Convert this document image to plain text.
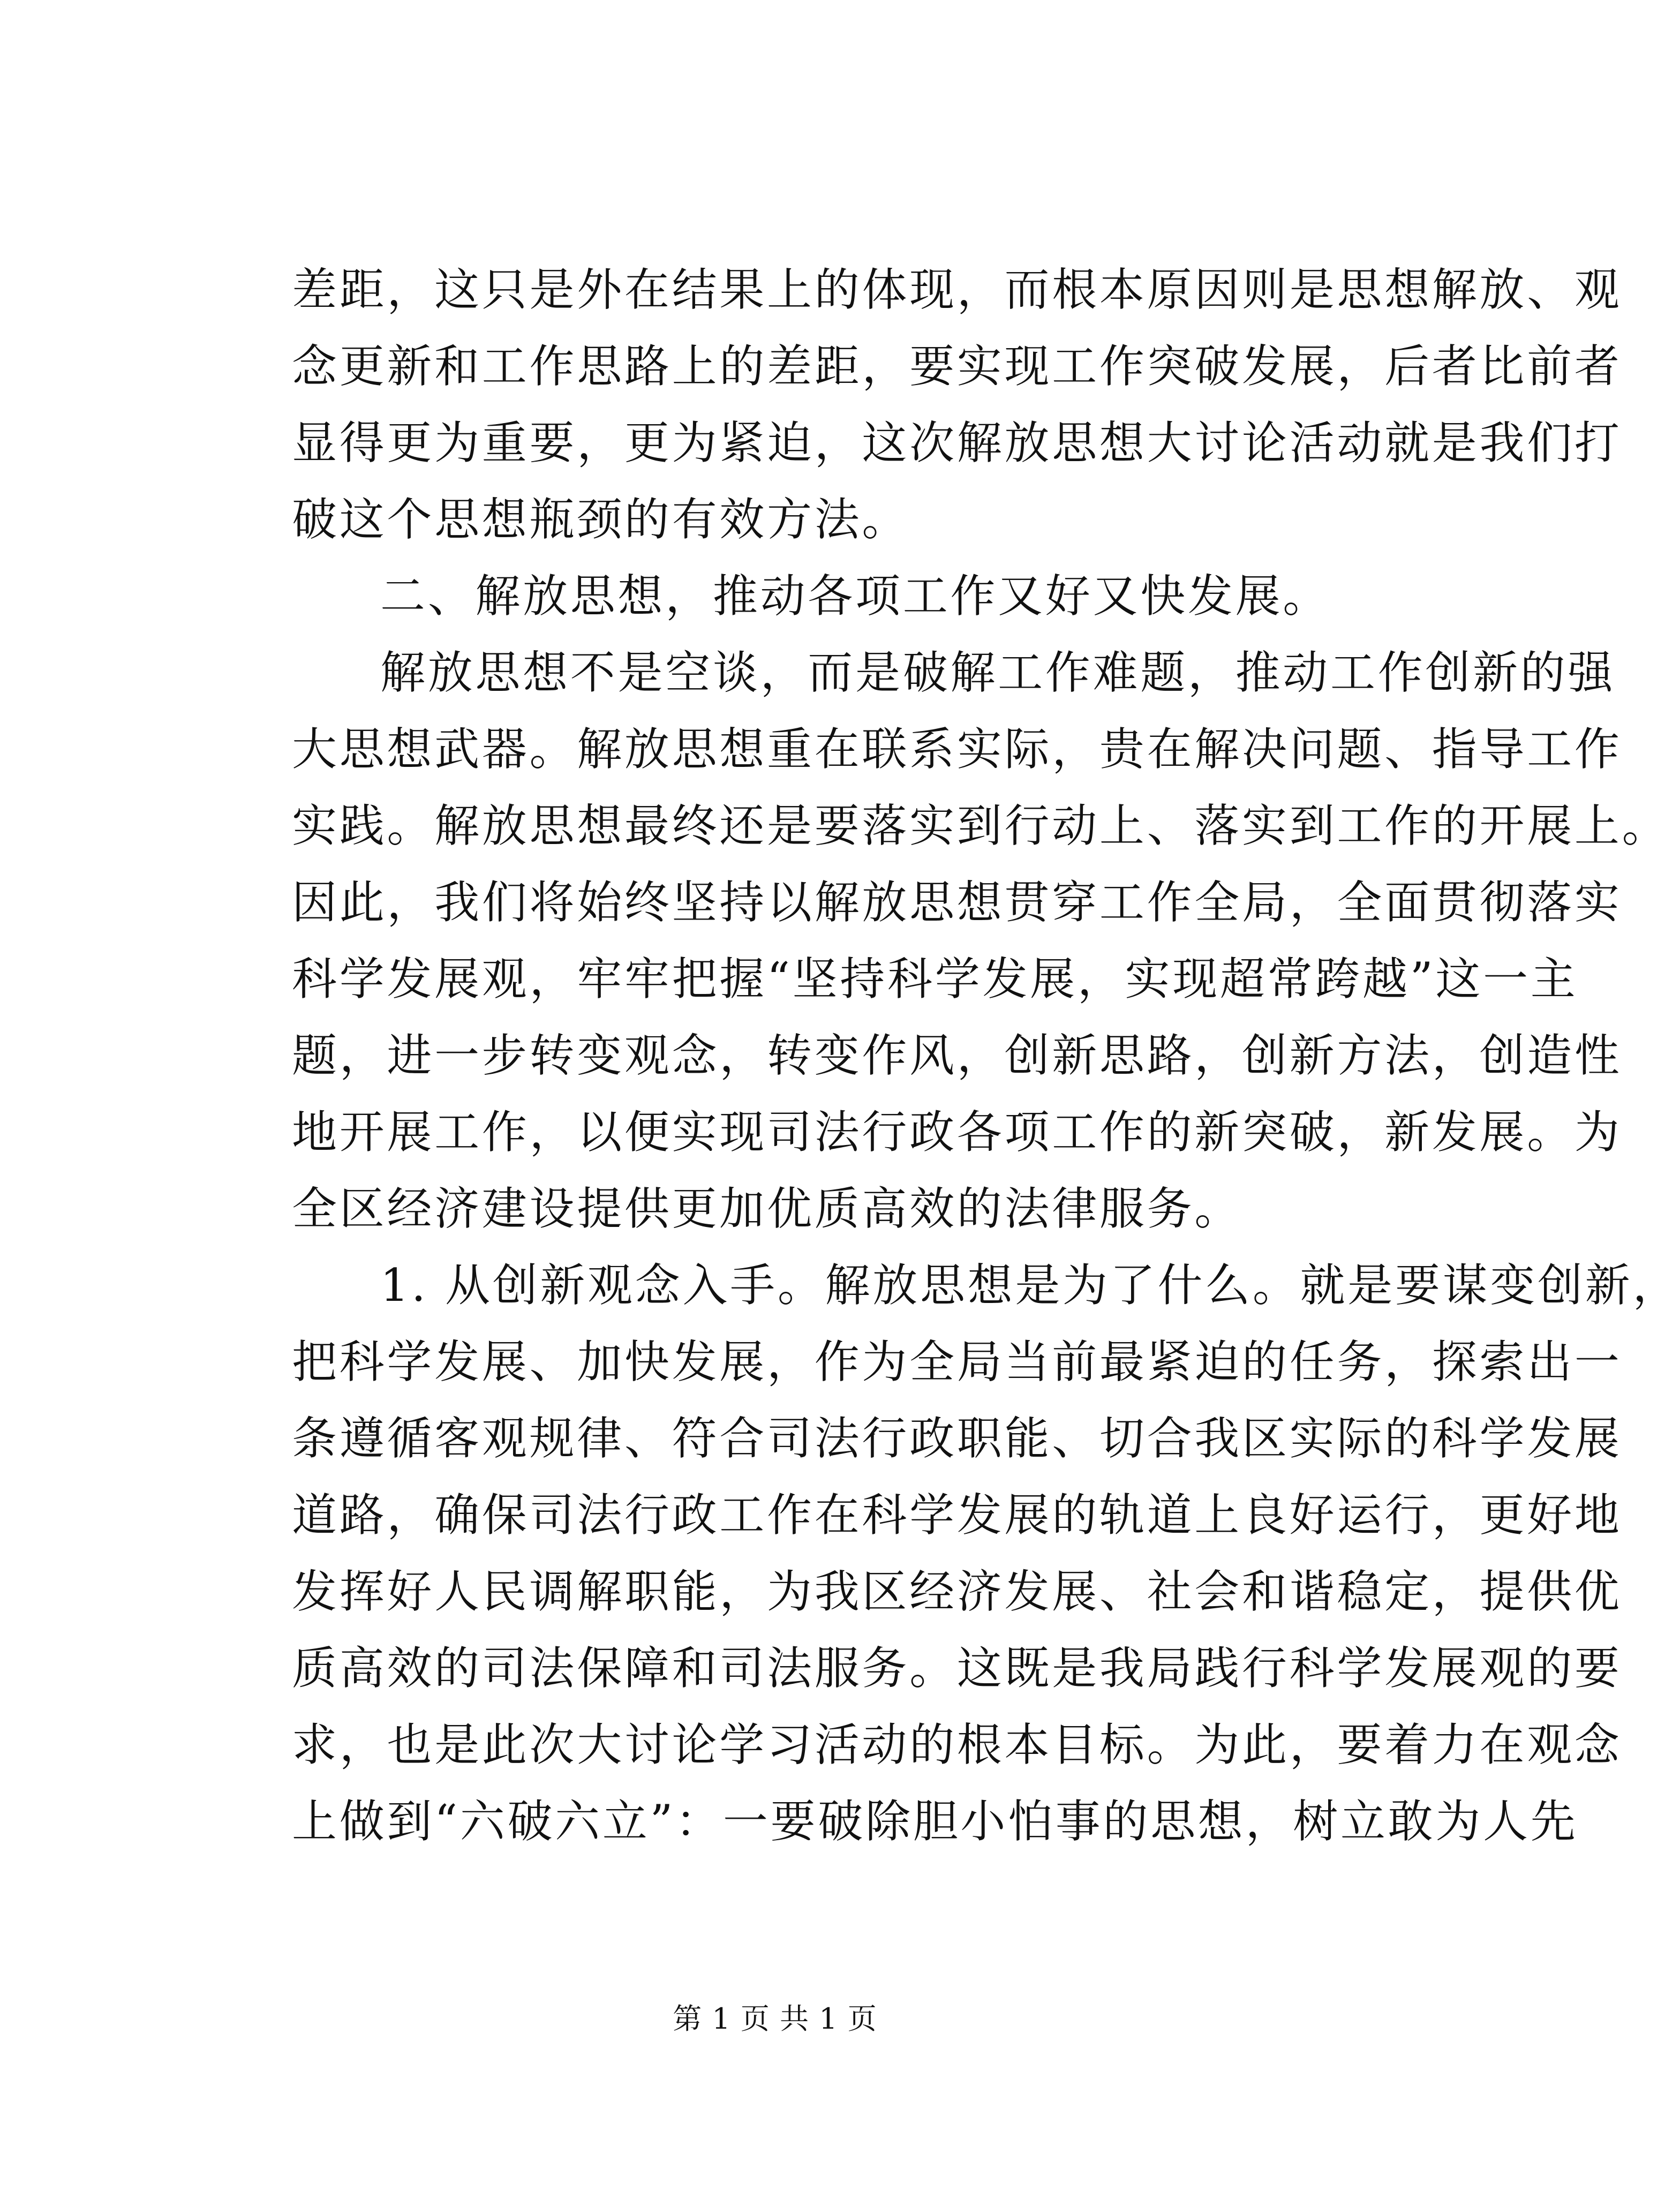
差距，这只是外在结果上的体现，而根本原因则是思想解放、观
念更新和工作思路上的差距，要实现工作突破发展，后者比前者
显得更为重要，更为紧迫，这次解放思想大讨论活动就是我们打
破这个思想瓶颈的有效方法。
二、解放思想，推动各项工作又好又快发展。
解放思想不是空谈，而是破解工作难题，推动工作创新的强
大思想武器。解放思想重在联系实际，贵在解决问题、指导工作
实践。解放思想最终还是要落实到行动上、落实到工作的开展上。
因此，我们将始终坚持以解放思想贯穿工作全局，全面贯彻落实
科学发展观，牢牢把握“坚持科学发展，实现超常跨越”这一主
题，进一步转变观念，转变作风，创新思路，创新方法，创造性
地开展工作，以便实现司法行政各项工作的新突破，新发展。为
全区经济建设提供更加优质高效的法律服务。
1. 从创新观念入手。解放思想是为了什么。就是要谋变创新，
把科学发展、加快发展，作为全局当前最紧迫的任务，探索出一
条遵循客观规律、符合司法行政职能、切合我区实际的科学发展
道路，确保司法行政工作在科学发展的轨道上良好运行，更好地
发挥好人民调解职能，为我区经济发展、社会和谐稳定，提供优
质高效的司法保障和司法服务。这既是我局践行科学发展观的要
求，也是此次大讨论学习活动的根本目标。为此，要着力在观念
上做到“六破六立”：一要破除胆小怕事的思想，树立敢为人先
第 1 页 共 1 页
